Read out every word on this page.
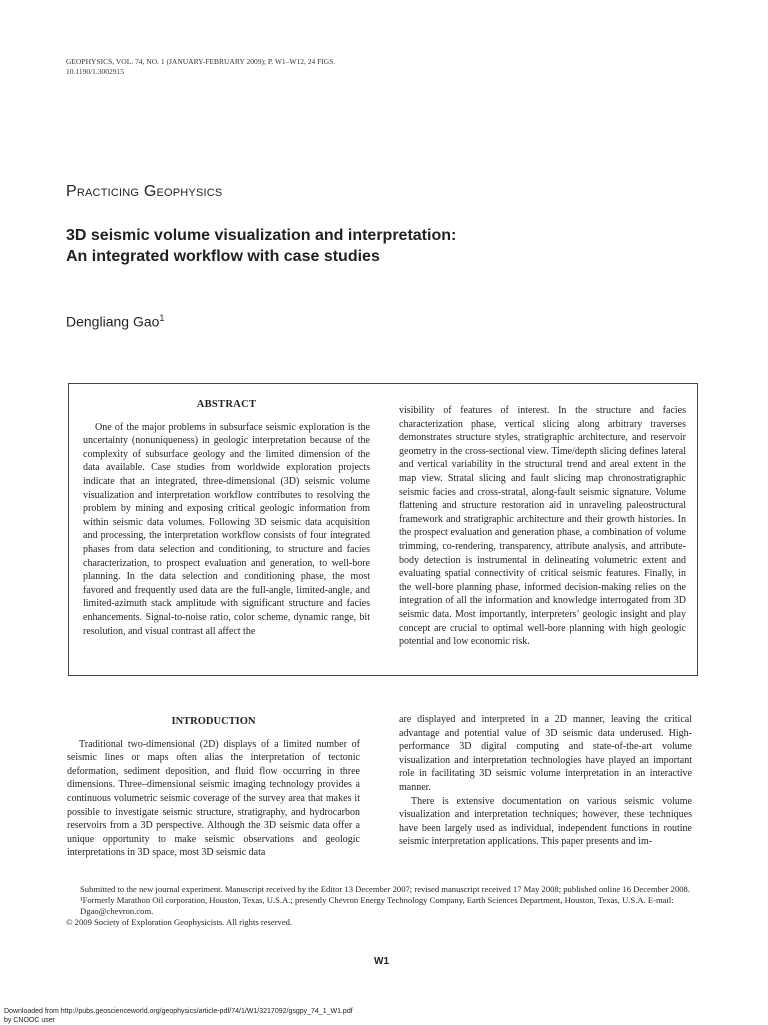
GEOPHYSICS, VOL. 74, NO. 1 (JANUARY-FEBRUARY 2009); P. W1–W12, 24 FIGS.
10.1190/1.3002915
Practicing Geophysics
3D seismic volume visualization and interpretation:
An integrated workflow with case studies
Dengliang Gao$^1$
ABSTRACT

One of the major problems in subsurface seismic exploration is the uncertainty (nonuniqueness) in geologic interpretation because of the complexity of subsurface geology and the limited dimension of the data available. Case studies from worldwide exploration projects indicate that an integrated, three-dimensional (3D) seismic volume visualization and interpretation workflow contributes to resolving the problem by mining and exposing critical geologic information from within seismic data volumes. Following 3D seismic data acquisition and processing, the interpretation workflow consists of four integrated phases from data selection and conditioning, to structure and facies characterization, to prospect evaluation and generation, to well-bore planning. In the data selection and conditioning phase, the most favored and frequently used data are the full-angle, limited-angle, and limited-azimuth stack amplitude with significant structure and facies enhancements. Signal-to-noise ratio, color scheme, dynamic range, bit resolution, and visual contrast all affect the

visibility of features of interest. In the structure and facies characterization phase, vertical slicing along arbitrary traverses demonstrates structure styles, stratigraphic architecture, and reservoir geometry in the cross-sectional view. Time/depth slicing defines lateral and vertical variability in the structural trend and areal extent in the map view. Stratal slicing and fault slicing map chronostratigraphic seismic facies and cross-stratal, along-fault seismic signature. Volume flattening and structure restoration aid in unraveling paleostructural framework and stratigraphic architecture and their growth histories. In the prospect evaluation and generation phase, a combination of volume trimming, co-rendering, transparency, attribute analysis, and attribute-body detection is instrumental in delineating volumetric extent and evaluating spatial connectivity of critical seismic features. Finally, in the well-bore planning phase, informed decision-making relies on the integration of all the information and knowledge interrogated from 3D seismic data. Most importantly, interpreters’ geologic insight and play concept are crucial to optimal well-bore planning with high geologic potential and low economic risk.

INTRODUCTION

Traditional two-dimensional (2D) displays of a limited number of seismic lines or maps often alias the interpretation of tectonic deformation, sediment deposition, and fluid flow occurring in three dimensions. Three–dimensional seismic imaging technology provides a continuous volumetric seismic coverage of the survey area that makes it possible to investigate seismic structure, stratigraphy, and hydrocarbon reservoirs from a 3D perspective. Although the 3D seismic data offer a unique opportunity to make seismic observations and geologic interpretations in 3D space, most 3D seismic data

are displayed and interpreted in a 2D manner, leaving the critical advantage and potential value of 3D seismic data underused. High-performance 3D digital computing and state-of-the-art volume visualization and interpretation technologies have played an important role in facilitating 3D seismic volume interpretation in an interactive manner.

There is extensive documentation on various seismic volume visualization and interpretation techniques; however, these techniques have been largely used as individual, independent functions in routine seismic interpretation applications. This paper presents and im-

Submitted to the new journal experiment. Manuscript received by the Editor 13 December 2007; revised manuscript received 17 May 2008; published online 16 December 2008.
¹Formerly Marathon Oil corporation, Houston, Texas, U.S.A.; presently Chevron Energy Technology Company, Earth Sciences Department, Houston, Texas, U.S.A. E-mail: Dgao@chevron.com.
© 2009 Society of Exploration Geophysicists. All rights reserved.
W1
Downloaded from http://pubs.geoscienceworld.org/geophysics/article-pdf/74/1/W1/3217092/gsgpy_74_1_W1.pdf
by CNOOC user
